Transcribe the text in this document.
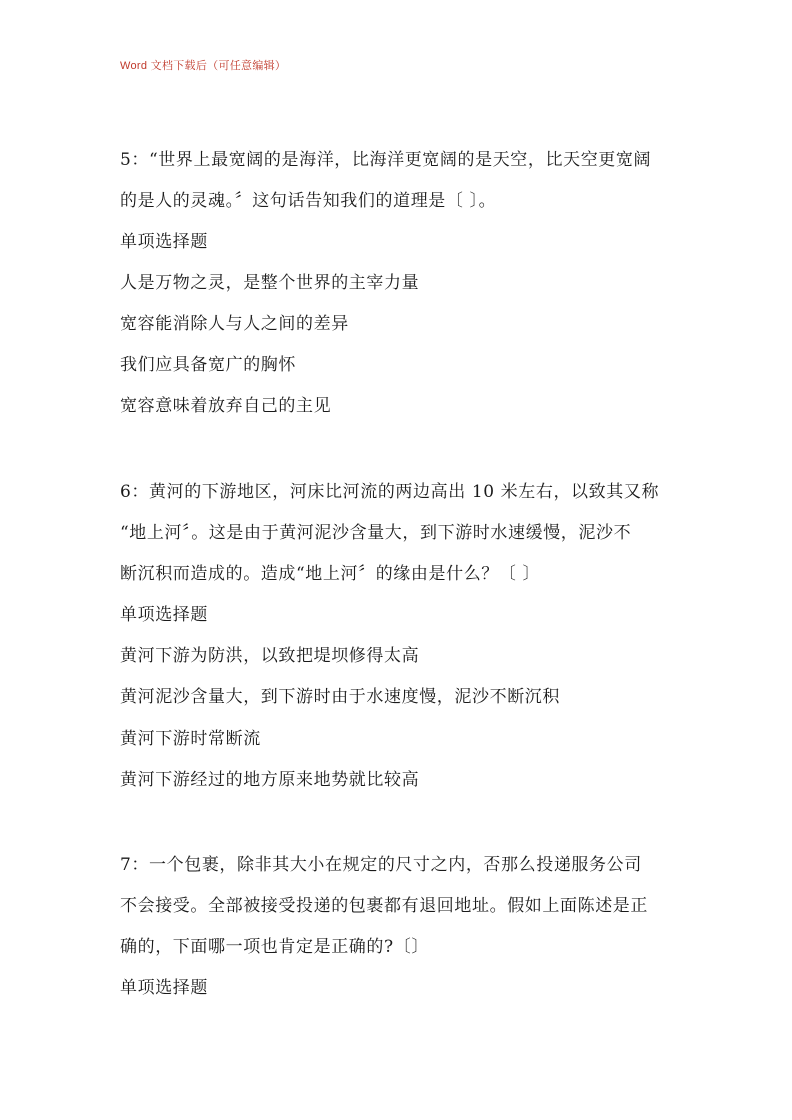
Word 文档下载后（可任意编辑）
5：“世界上最宽阔的是海洋，比海洋更宽阔的是天空，比天空更宽阔
的是人的灵魂。〞这句话告知我们的道理是〔 〕。
单项选择题
人是万物之灵，是整个世界的主宰力量
宽容能消除人与人之间的差异
我们应具备宽广的胸怀
宽容意味着放弃自己的主见
6：黄河的下游地区，河床比河流的两边高出 10 米左右，以致其又称
“地上河〞。这是由于黄河泥沙含量大，到下游时水速缓慢，泥沙不
断沉积而造成的。造成“地上河〞的缘由是什么？〔 〕
单项选择题
黄河下游为防洪，以致把堤坝修得太高
黄河泥沙含量大，到下游时由于水速度慢，泥沙不断沉积
黄河下游时常断流
黄河下游经过的地方原来地势就比较高
7：一个包裹，除非其大小在规定的尺寸之内，否那么投递服务公司
不会接受。全部被接受投递的包裹都有退回地址。假如上面陈述是正
确的，下面哪一项也肯定是正确的?〔〕
单项选择题
